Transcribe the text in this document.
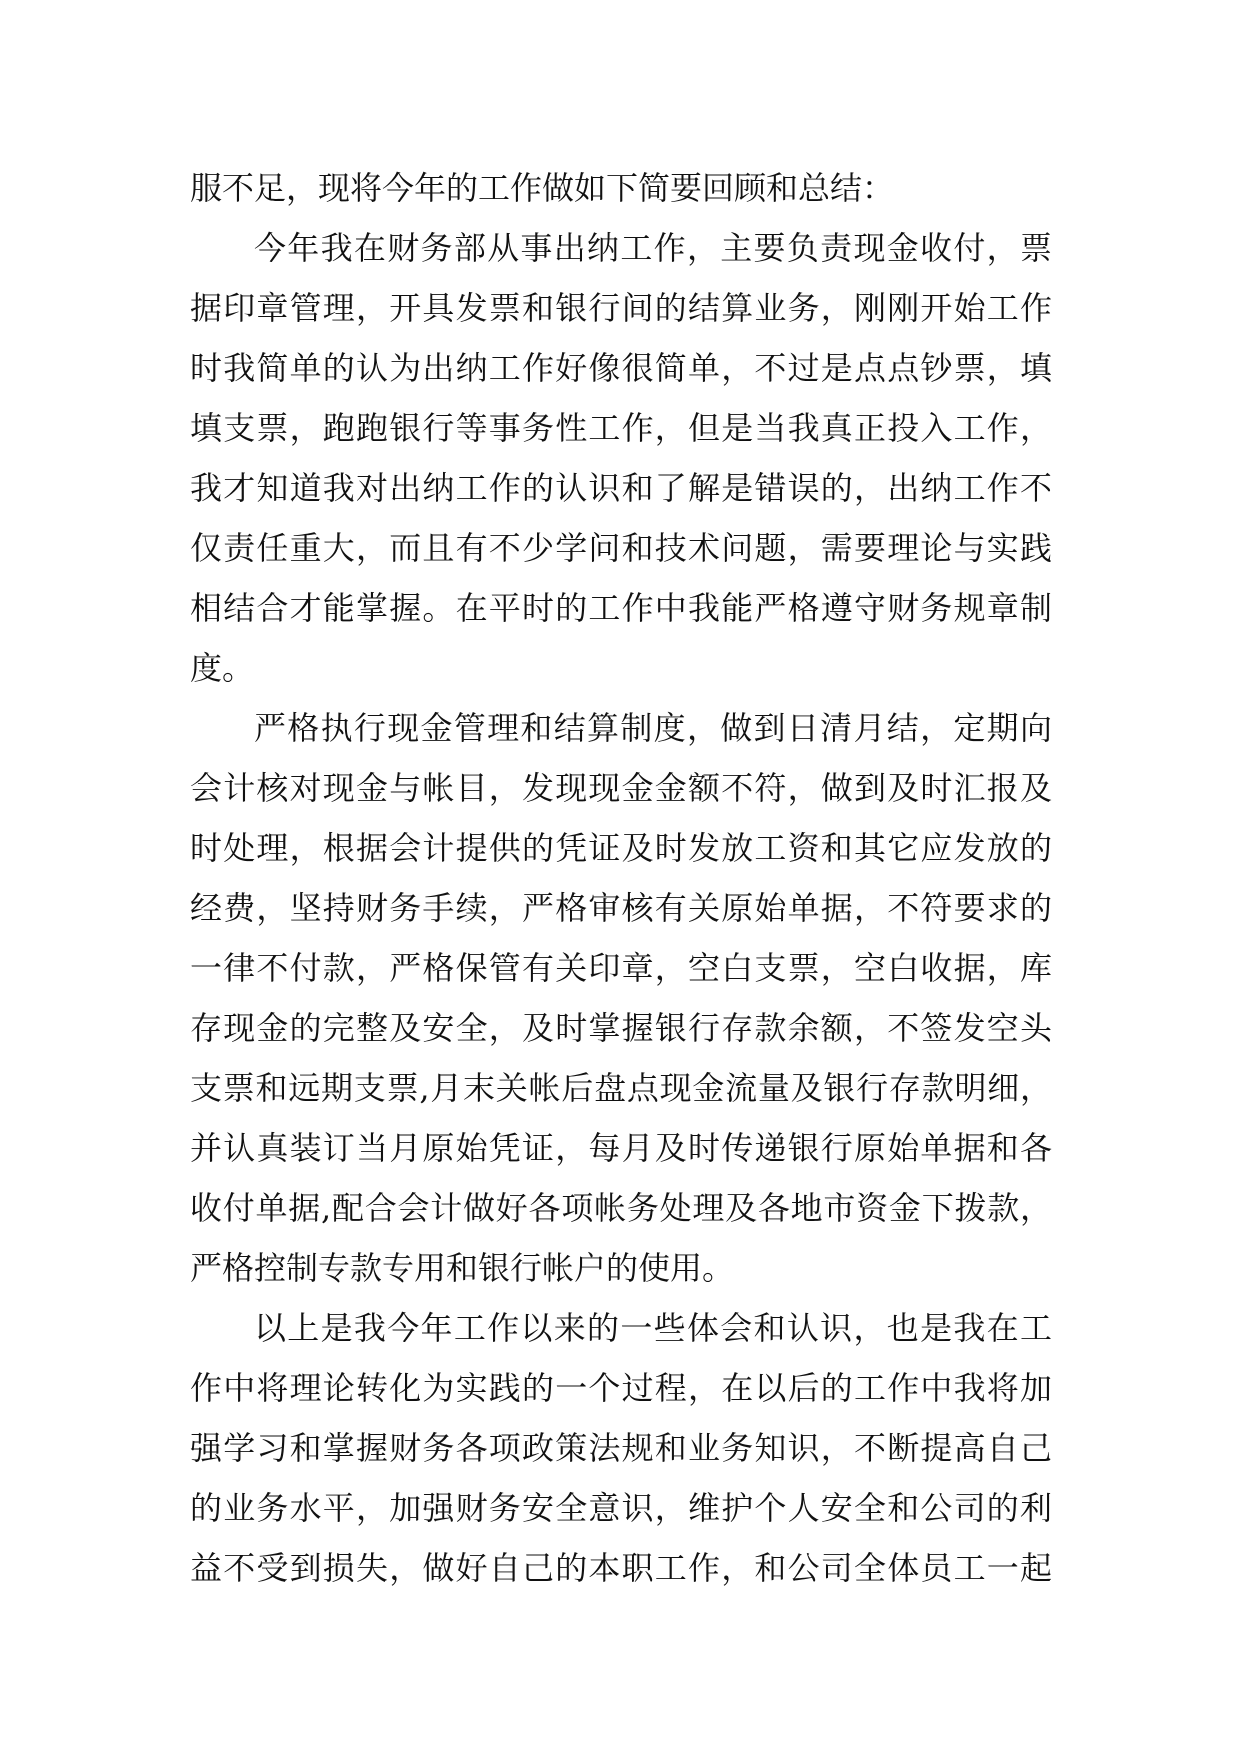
服不足，现将今年的工作做如下简要回顾和总结：
今年我在财务部从事出纳工作，主要负责现金收付，票
据印章管理，开具发票和银行间的结算业务，刚刚开始工作
时我简单的认为出纳工作好像很简单，不过是点点钞票，填
填支票，跑跑银行等事务性工作，但是当我真正投入工作，
我才知道我对出纳工作的认识和了解是错误的，出纳工作不
仅责任重大，而且有不少学问和技术问题，需要理论与实践
相结合才能掌握。在平时的工作中我能严格遵守财务规章制
度。
严格执行现金管理和结算制度，做到日清月结，定期向
会计核对现金与帐目，发现现金金额不符，做到及时汇报及
时处理，根据会计提供的凭证及时发放工资和其它应发放的
经费，坚持财务手续，严格审核有关原始单据，不符要求的
一律不付款，严格保管有关印章，空白支票，空白收据，库
存现金的完整及安全，及时掌握银行存款余额，不签发空头
支票和远期支票,月末关帐后盘点现金流量及银行存款明细，
并认真装订当月原始凭证，每月及时传递银行原始单据和各
收付单据,配合会计做好各项帐务处理及各地市资金下拨款，
严格控制专款专用和银行帐户的使用。
以上是我今年工作以来的一些体会和认识，也是我在工
作中将理论转化为实践的一个过程，在以后的工作中我将加
强学习和掌握财务各项政策法规和业务知识，不断提高自己
的业务水平，加强财务安全意识，维护个人安全和公司的利
益不受到损失，做好自己的本职工作，和公司全体员工一起
